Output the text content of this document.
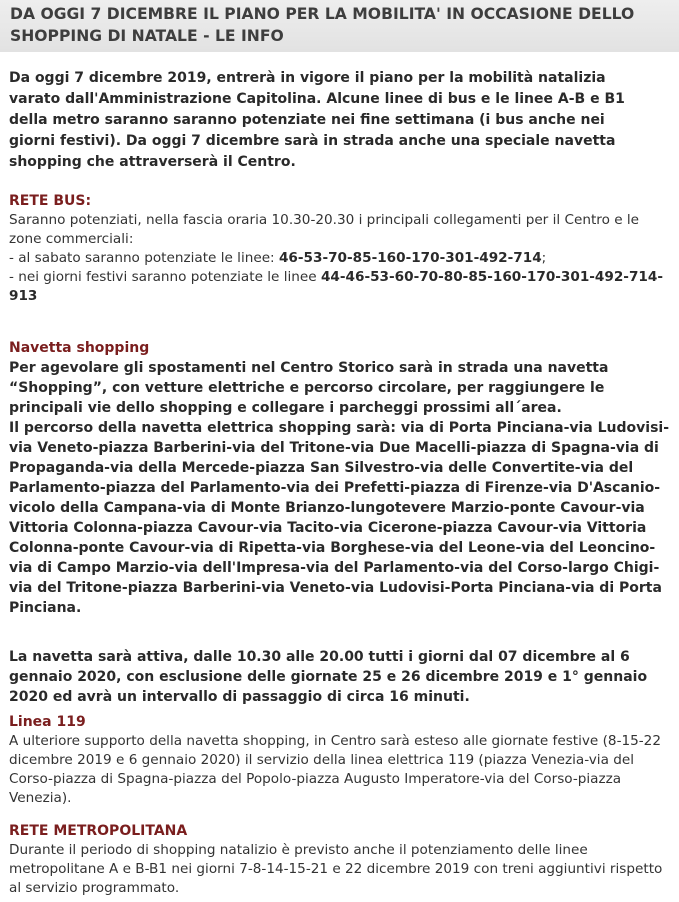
DA OGGI 7 DICEMBRE IL PIANO PER LA MOBILITA' IN OCCASIONE DELLO SHOPPING DI NATALE - LE INFO

Da oggi 7 dicembre 2019, entrerà in vigore il piano per la mobilità natalizia varato dall'Amministrazione Capitolina. Alcune linee di bus e le linee A-B e B1 della metro saranno saranno potenziate nei fine settimana (i bus anche nei giorni festivi). Da oggi 7 dicembre sarà in strada anche una speciale navetta shopping che attraverserà il Centro.

RETE BUS:

Saranno potenziati, nella fascia oraria 10.30-20.30 i principali collegamenti per il Centro e le zone commerciali:

- al sabato saranno potenziate le linee: 46-53-70-85-160-170-301-492-714;

- nei giorni festivi saranno potenziate le linee 44-46-53-60-70-80-85-160-170-301-492-714-913

Navetta shopping

Per agevolare gli spostamenti nel Centro Storico sarà in strada una navetta “Shopping”, con vetture elettriche e percorso circolare, per raggiungere le principali vie dello shopping e collegare i parcheggi prossimi all´area.

Il percorso della navetta elettrica shopping sarà: via di Porta Pinciana-via Ludovisi-via Veneto-piazza Barberini-via del Tritone-via Due Macelli-piazza di Spagna-via di Propaganda-via della Mercede-piazza San Silvestro-via delle Convertite-via del Parlamento-piazza del Parlamento-via dei Prefetti-piazza di Firenze-via D'Ascanio-vicolo della Campana-via di Monte Brianzo-lungotevere Marzio-ponte Cavour-via Vittoria Colonna-piazza Cavour-via Tacito-via Cicerone-piazza Cavour-via Vittoria Colonna-ponte Cavour-via di Ripetta-via Borghese-via del Leone-via del Leoncino-via di Campo Marzio-via dell'Impresa-via del Parlamento-via del Corso-largo Chigi-via del Tritone-piazza Barberini-via Veneto-via Ludovisi-Porta Pinciana-via di Porta Pinciana.

La navetta sarà attiva, dalle 10.30 alle 20.00 tutti i giorni dal 07 dicembre al 6 gennaio 2020, con esclusione delle giornate 25 e 26 dicembre 2019 e 1° gennaio 2020 ed avrà un intervallo di passaggio di circa 16 minuti.

Linea 119

A ulteriore supporto della navetta shopping, in Centro sarà esteso alle giornate festive (8-15-22 dicembre 2019 e 6 gennaio 2020) il servizio della linea elettrica 119 (piazza Venezia-via del Corso-piazza di Spagna-piazza del Popolo-piazza Augusto Imperatore-via del Corso-piazza Venezia).

RETE METROPOLITANA

Durante il periodo di shopping natalizio è previsto anche il potenziamento delle linee metropolitane A e B-B1 nei giorni 7-8-14-15-21 e 22 dicembre 2019 con treni aggiuntivi rispetto al servizio programmato.
